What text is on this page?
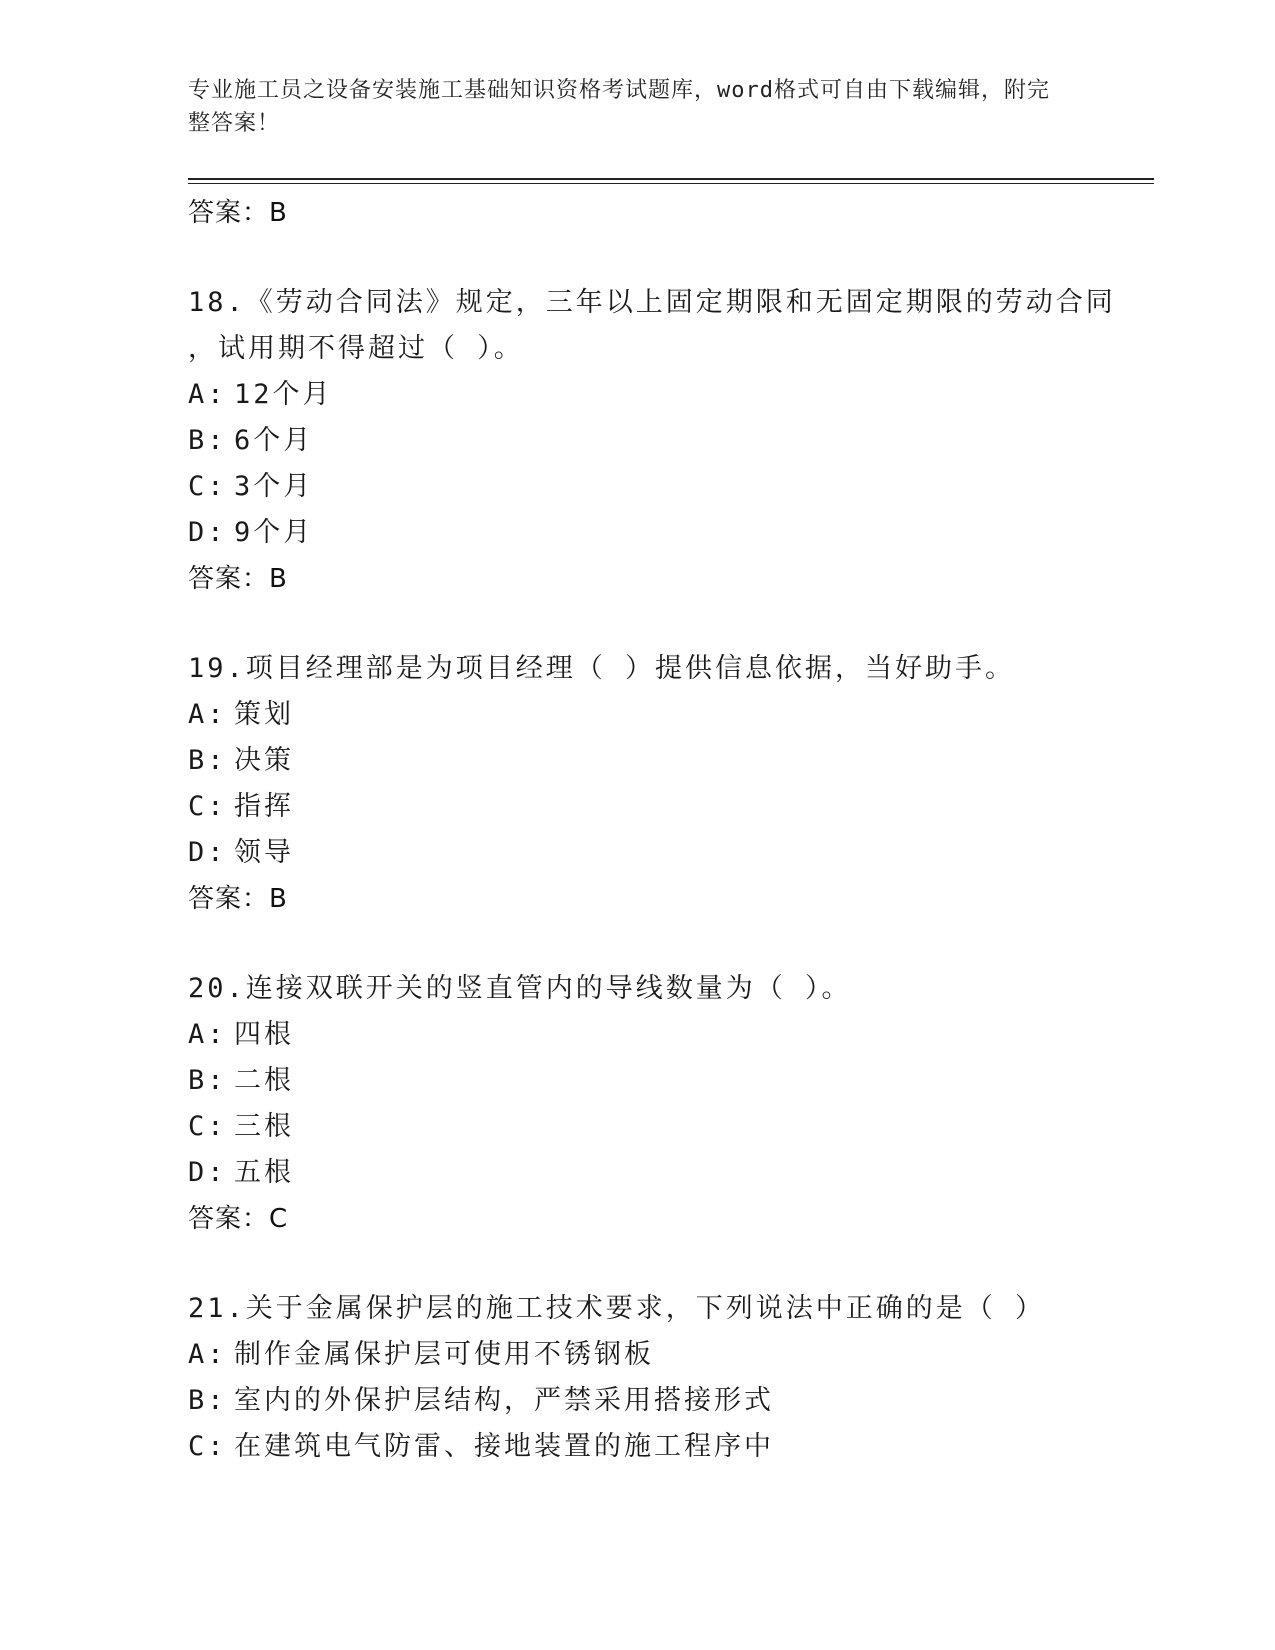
专业施工员之设备安装施工基础知识资格考试题库，word格式可自由下载编辑，附完整答案！
答案：B
18.《劳动合同法》规定，三年以上固定期限和无固定期限的劳动合同
，试用期不得超过（ ）。
A: 12个月
B: 6个月
C: 3个月
D: 9个月
答案：B
19.项目经理部是为项目经理（ ）提供信息依据，当好助手。
A: 策划
B: 决策
C: 指挥
D: 领导
答案：B
20.连接双联开关的竖直管内的导线数量为（ ）。
A: 四根
B: 二根
C: 三根
D: 五根
答案：C
21.关于金属保护层的施工技术要求，下列说法中正确的是（ ）
A: 制作金属保护层可使用不锈钢板
B: 室内的外保护层结构，严禁采用搭接形式
C: 在建筑电气防雷、接地装置的施工程序中
